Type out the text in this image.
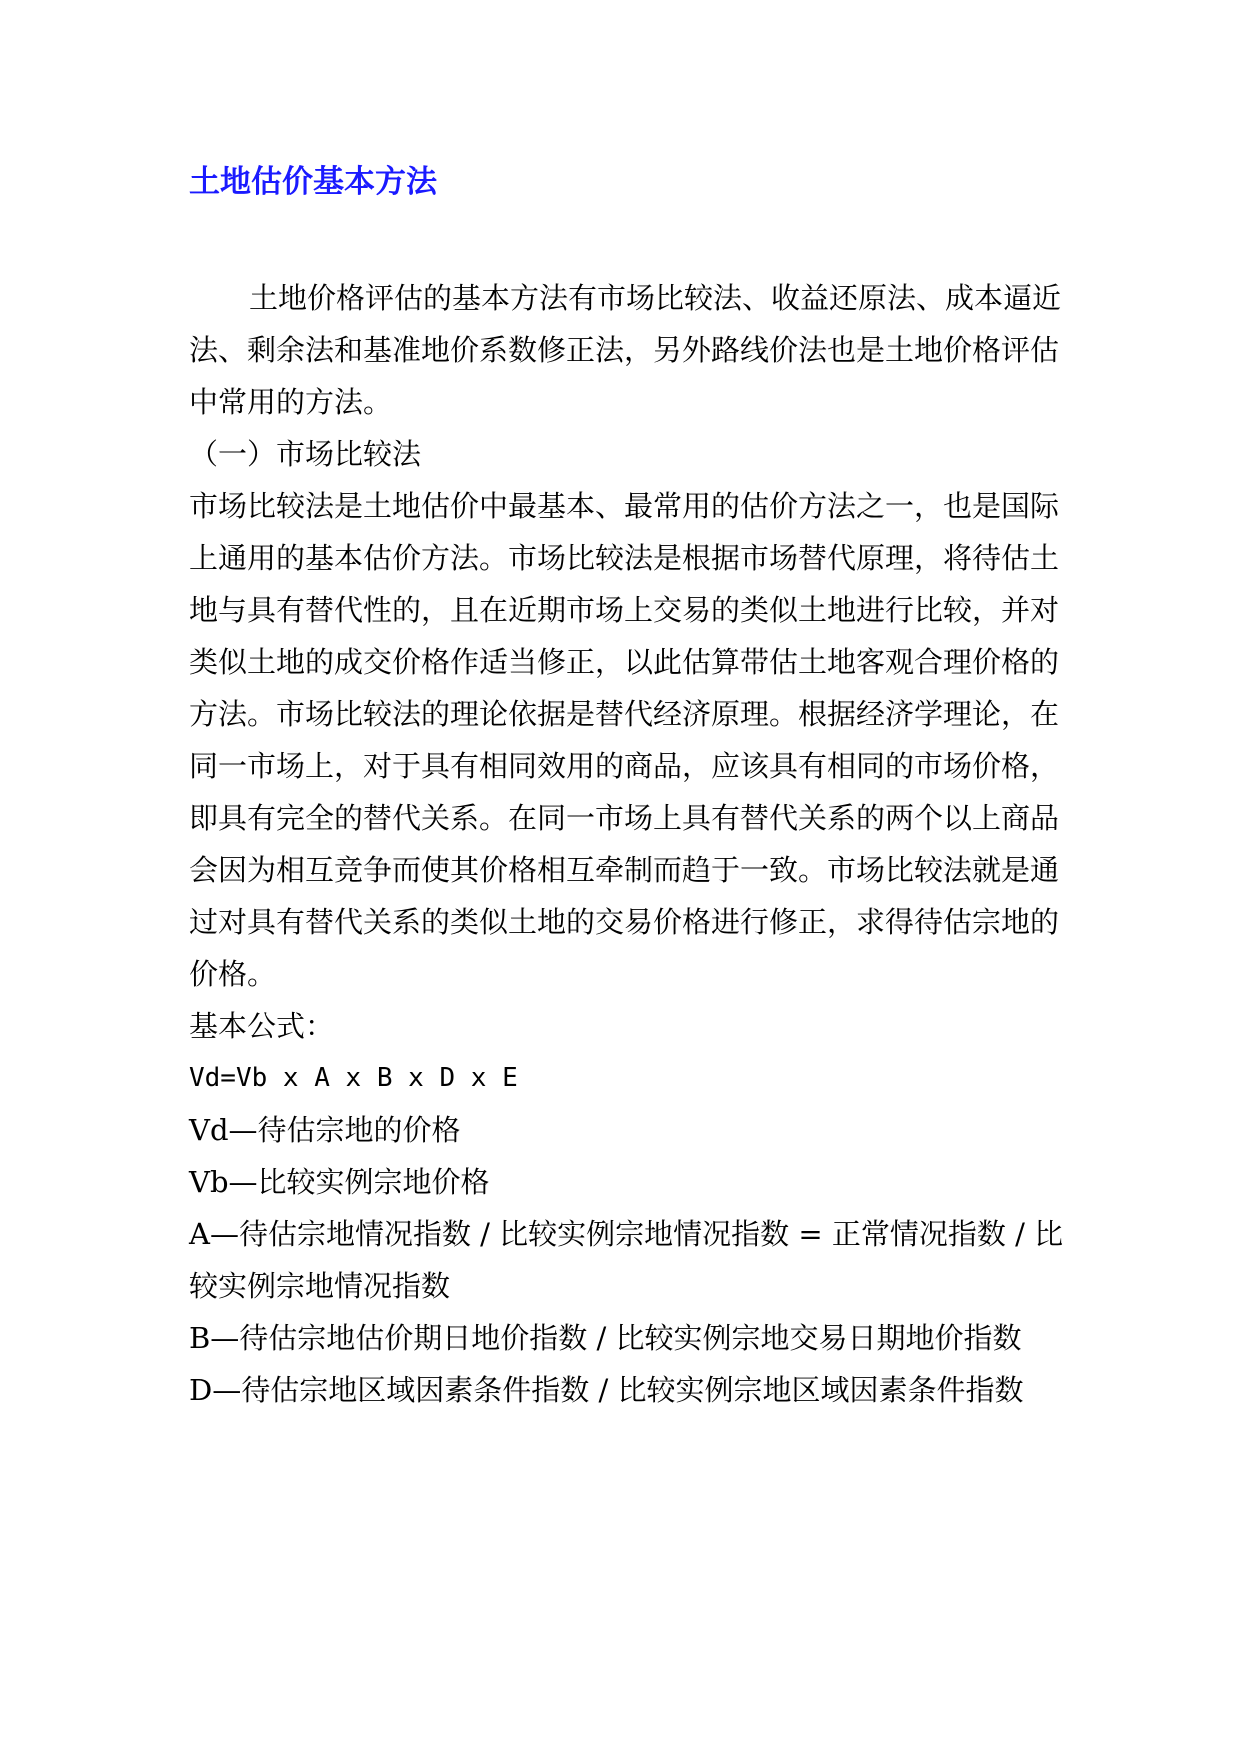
土地估价基本方法

土地价格评估的基本方法有市场比较法、收益还原法、成本逼近法、剩余法和基准地价系数修正法，另外路线价法也是土地价格评估中常用的方法。

（一）市场比较法

市场比较法是土地估价中最基本、最常用的估价方法之一，也是国际上通用的基本估价方法。市场比较法是根据市场替代原理，将待估土地与具有替代性的，且在近期市场上交易的类似土地进行比较，并对类似土地的成交价格作适当修正，以此估算带估土地客观合理价格的方法。市场比较法的理论依据是替代经济原理。根据经济学理论，在同一市场上，对于具有相同效用的商品，应该具有相同的市场价格，即具有完全的替代关系。在同一市场上具有替代关系的两个以上商品会因为相互竞争而使其价格相互牵制而趋于一致。市场比较法就是通过对具有替代关系的类似土地的交易价格进行修正，求得待估宗地的价格。

基本公式：

Vd=Vb x A x B x D x E

Vd—待估宗地的价格

Vb—比较实例宗地价格

A—待估宗地情况指数 / 比较实例宗地情况指数 = 正常情况指数 / 比较实例宗地情况指数

B—待估宗地估价期日地价指数 / 比较实例宗地交易日期地价指数

D—待估宗地区域因素条件指数 / 比较实例宗地区域因素条件指数
